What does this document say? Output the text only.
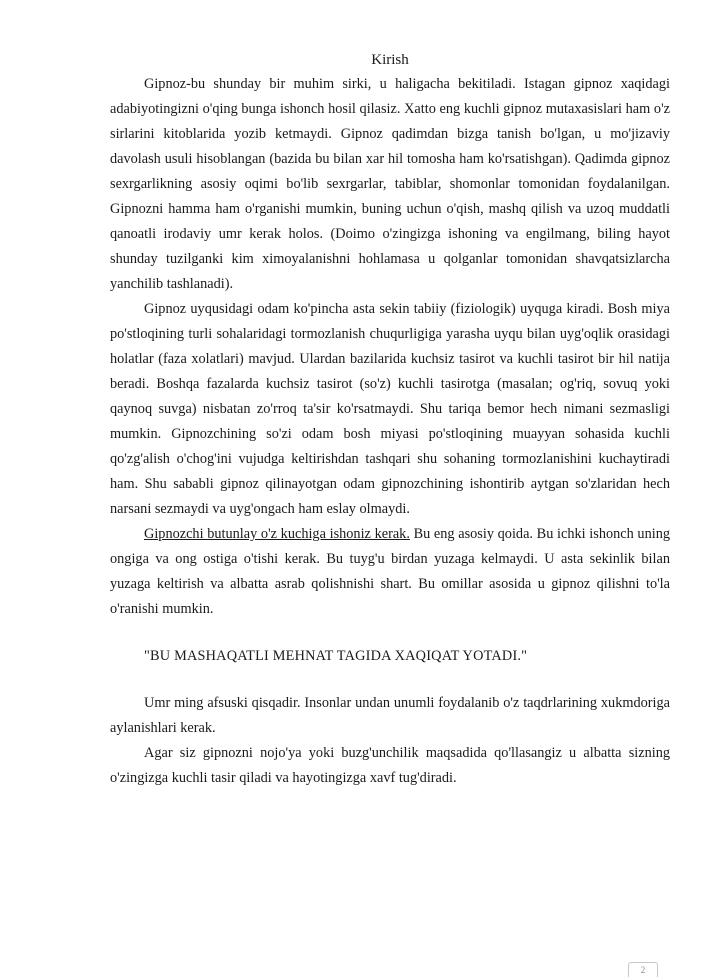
Kirish

Gipnoz-bu shunday bir muhim sirki, u haligacha bekitiladi. Istagan gipnoz xaqidagi adabiyotingizni o'qing bunga ishonch hosil qilasiz. Xatto eng kuchli gipnoz mutaxasislari ham o'z sirlarini kitoblarida yozib ketmaydi. Gipnoz qadimdan bizga tanish bo'lgan, u mo'jizaviy davolash usuli hisoblangan (bazida bu bilan xar hil tomosha ham ko'rsatishgan). Qadimda gipnoz sexrgarlikning asosiy oqimi bo'lib sexrgarlar, tabiblar, shomonlar tomonidan foydalanilgan. Gipnozni hamma ham o'rganishi mumkin, buning uchun o'qish, mashq qilish va uzoq muddatli qanoatli irodaviy umr kerak holos. (Doimo o'zingizga ishoning va engilmang, biling hayot shunday tuzilganki kim ximoyalanishni hohlamasa u qolganlar tomonidan shavqatsizlarcha yanchilib tashlanadi).

Gipnoz uyqusidagi odam ko'pincha asta sekin tabiiy (fiziologik) uyquga kiradi. Bosh miya po'stloqining turli sohalaridagi tormozlanish chuqurligiga yarasha uyqu bilan uyg'oqlik orasidagi holatlar (faza xolatlari) mavjud. Ulardan bazilarida kuchsiz tasirot va kuchli tasirot bir hil natija beradi. Boshqa fazalarda kuchsiz tasirot (so'z) kuchli tasirotga (masalan; og'riq, sovuq yoki qaynoq suvga) nisbatan zo'rroq ta'sir ko'rsatmaydi. Shu tariqa bemor hech nimani sezmasligi mumkin. Gipnozchining so'zi odam bosh miyasi po'stloqining muayyan sohasida kuchli qo'zg'alish o'chog'ini vujudga keltirishdan tashqari shu sohaning tormozlanishini kuchaytiradi ham. Shu sababli gipnoz qilinayotgan odam gipnozchining ishontirib aytgan so'zlaridan hech narsani sezmaydi va uyg'ongach ham eslay olmaydi.

Gipnozchi butunlay o'z kuchiga ishoniz kerak. Bu eng asosiy qoida. Bu ichki ishonch uning ongiga va ong ostiga o'tishi kerak. Bu tuyg'u birdan yuzaga kelmaydi. U asta sekinlik bilan yuzaga keltirish va albatta asrab qolishnishi shart. Bu omillar asosida u gipnoz qilishni to'la o'ranishi mumkin.

"BU MASHAQATLI MEHNAT TAGIDA XAQIQAT YOTADI."

Umr ming afsuski qisqadir. Insonlar undan unumli foydalanib o'z taqdrlarining xukmdoriga aylanishlari kerak.

Agar siz gipnozni nojo'ya yoki buzg'unchilik maqsadida qo'llasangiz u albatta sizning o'zingizga kuchli tasir qiladi va hayotingizga xavf tug'diradi.

2
